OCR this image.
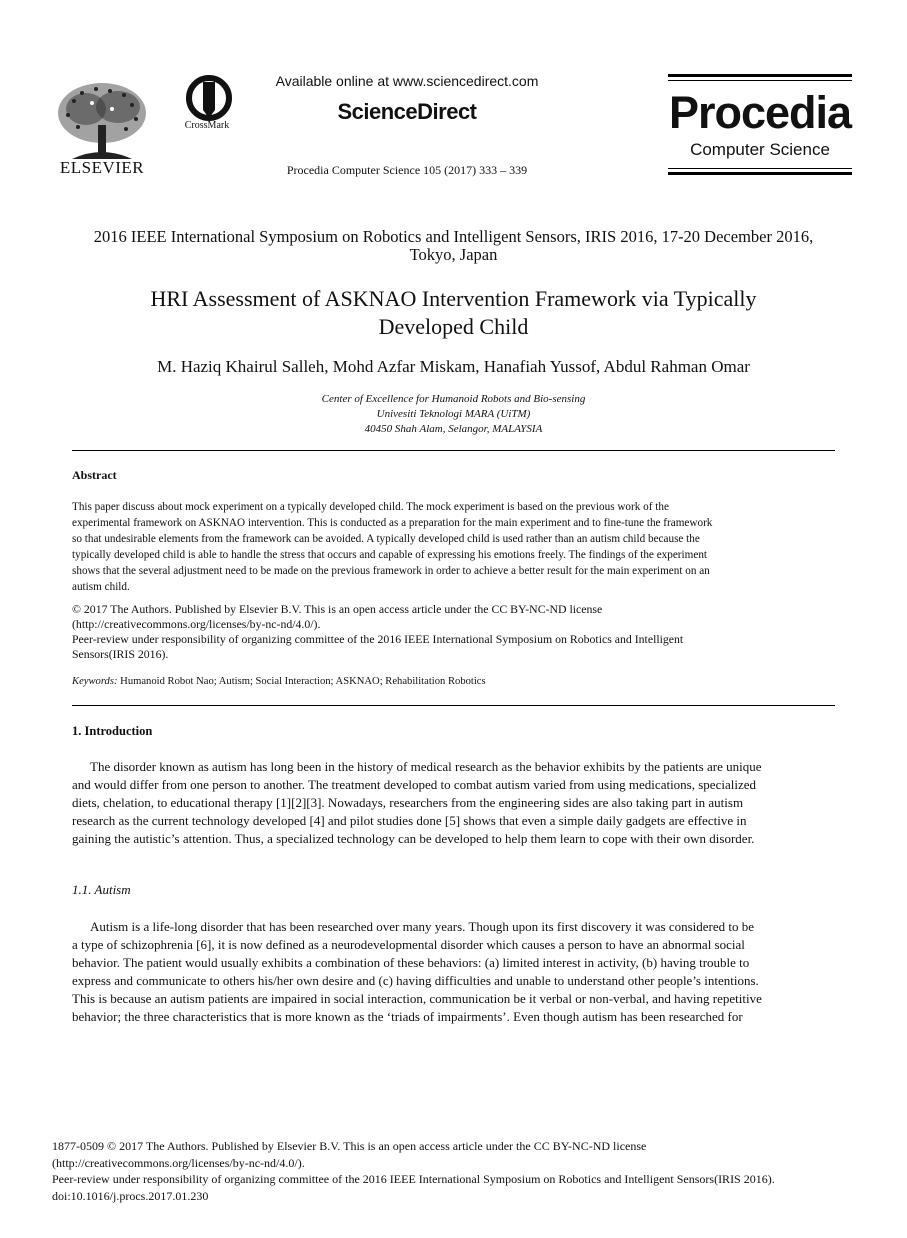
ELSEVIER
CrossMark
Available online at www.sciencedirect.com
ScienceDirect
Procedia Computer Science 105 (2017) 333 – 339
Procedia
Computer Science
2016 IEEE International Symposium on Robotics and Intelligent Sensors, IRIS 2016, 17-20 December 2016,
Tokyo, Japan
HRI Assessment of ASKNAO Intervention Framework via Typically
Developed Child
M. Haziq Khairul Salleh, Mohd Azfar Miskam, Hanafiah Yussof, Abdul Rahman Omar
Center of Excellence for Humanoid Robots and Bio-sensing
Univesiti Teknologi MARA (UiTM)
40450 Shah Alam, Selangor, MALAYSIA
Abstract
This paper discuss about mock experiment on a typically developed child. The mock experiment is based on the previous work of the
experimental framework on ASKNAO intervention. This is conducted as a preparation for the main experiment and to fine-tune the framework
so that undesirable elements from the framework can be avoided. A typically developed child is used rather than an autism child because the
typically developed child is able to handle the stress that occurs and capable of expressing his emotions freely. The findings of the experiment
shows that the several adjustment need to be made on the previous framework in order to achieve a better result for the main experiment on an
autism child.
© 2017 The Authors. Published by Elsevier B.V. This is an open access article under the CC BY-NC-ND license
(http://creativecommons.org/licenses/by-nc-nd/4.0/).
Peer-review under responsibility of organizing committee of the 2016 IEEE International Symposium on Robotics and Intelligent
Sensors(IRIS 2016).
Keywords: Humanoid Robot Nao; Autism; Social Interaction; ASKNAO; Rehabilitation Robotics
1. Introduction
The disorder known as autism has long been in the history of medical research as the behavior exhibits by the patients are unique
and would differ from one person to another. The treatment developed to combat autism varied from using medications, specialized
diets, chelation, to educational therapy [1][2][3]. Nowadays, researchers from the engineering sides are also taking part in autism
research as the current technology developed [4] and pilot studies done [5] shows that even a simple daily gadgets are effective in
gaining the autistic’s attention. Thus, a specialized technology can be developed to help them learn to cope with their own disorder.
1.1. Autism
Autism is a life-long disorder that has been researched over many years. Though upon its first discovery it was considered to be
a type of schizophrenia [6], it is now defined as a neurodevelopmental disorder which causes a person to have an abnormal social
behavior. The patient would usually exhibits a combination of these behaviors: (a) limited interest in activity, (b) having trouble to
express and communicate to others his/her own desire and (c) having difficulties and unable to understand other people’s intentions.
This is because an autism patients are impaired in social interaction, communication be it verbal or non-verbal, and having repetitive
behavior; the three characteristics that is more known as the ‘triads of impairments’. Even though autism has been researched for
1877-0509 © 2017 The Authors. Published by Elsevier B.V. This is an open access article under the CC BY-NC-ND license
(http://creativecommons.org/licenses/by-nc-nd/4.0/).
Peer-review under responsibility of organizing committee of the 2016 IEEE International Symposium on Robotics and Intelligent Sensors(IRIS 2016).
doi:10.1016/j.procs.2017.01.230
